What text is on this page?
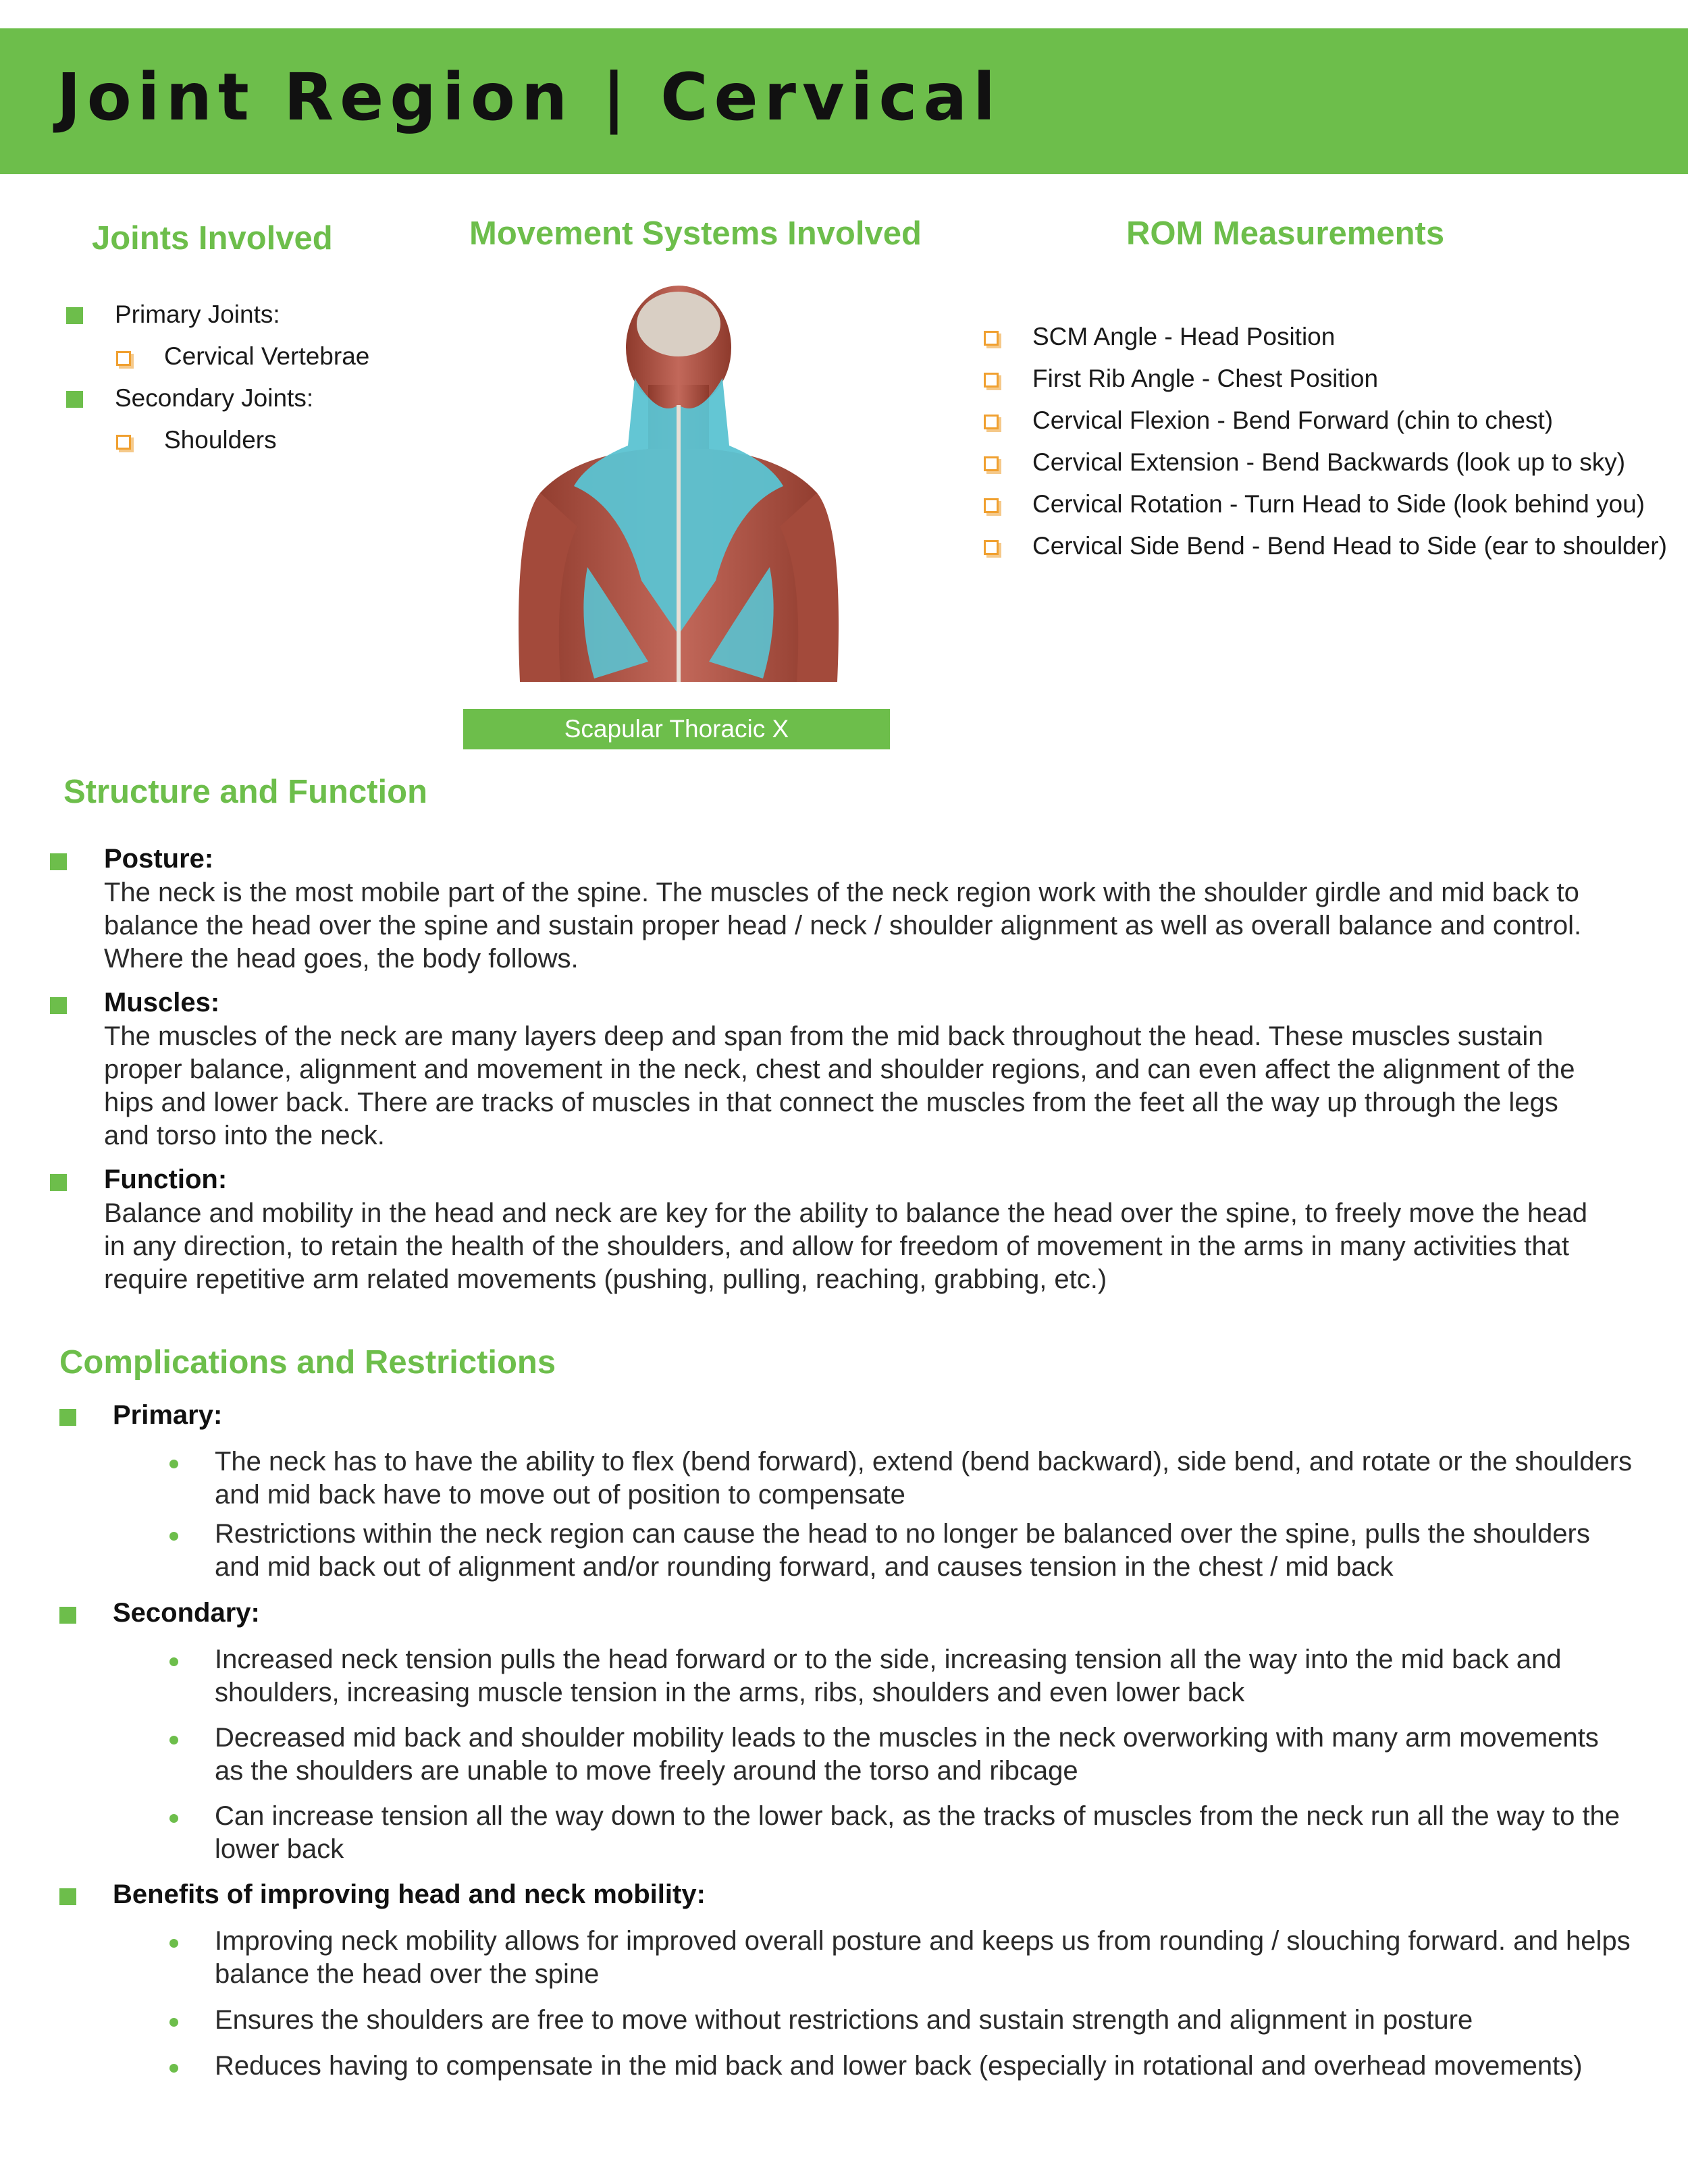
Joint Region | Cervical
Joints Involved	Movement Systems Involved	ROM Measurements
Primary Joints:
Cervical Vertebrae
Secondary Joints:
Shoulders
Scapular Thoracic X
SCM Angle - Head Position
First Rib Angle - Chest Position
Cervical Flexion - Bend Forward (chin to chest)
Cervical Extension - Bend Backwards (look up to sky)
Cervical Rotation - Turn Head to Side (look behind you)
Cervical Side Bend - Bend Head to Side (ear to shoulder)
Structure and Function
Posture:
The neck is the most mobile part of the spine. The muscles of the neck region work with the shoulder girdle and mid back to balance the head over the spine and sustain proper head / neck / shoulder alignment as well as overall balance and control. Where the head goes, the body follows.
Muscles:
The muscles of the neck are many layers deep and span from the mid back throughout the head. These muscles sustain proper balance, alignment and movement in the neck, chest and shoulder regions, and can even affect the alignment of the hips and lower back. There are tracks of muscles in that connect the muscles from the feet all the way up through the legs and torso into the neck.
Function:
Balance and mobility in the head and neck are key for the ability to balance the head over the spine, to freely move the head in any direction, to retain the health of the shoulders, and allow for freedom of movement in the arms in many activities that require repetitive arm related movements (pushing, pulling, reaching, grabbing, etc.)
Complications and Restrictions
Primary:
The neck has to have the ability to flex (bend forward), extend (bend backward), side bend, and rotate or the shoulders and mid back have to move out of position to compensate
Restrictions within the neck region can cause the head to no longer be balanced over the spine, pulls the shoulders and mid back out of alignment and/or rounding forward, and causes tension in the chest / mid back
Secondary:
Increased neck tension pulls the head forward or to the side, increasing tension all the way into the mid back and shoulders, increasing muscle tension in the arms, ribs, shoulders and even lower back
Decreased mid back and shoulder mobility leads to the muscles in the neck overworking with many arm movements as the shoulders are unable to move freely around the torso and ribcage
Can increase tension all the way down to the lower back, as the tracks of muscles from the neck run all the way to the lower back
Benefits of improving head and neck mobility:
Improving neck mobility allows for improved overall posture and keeps us from rounding / slouching forward. and helps balance the head over the spine
Ensures the shoulders are free to move without restrictions and sustain strength and alignment in posture
Reduces having to compensate in the mid back and lower back (especially in rotational and overhead movements)
